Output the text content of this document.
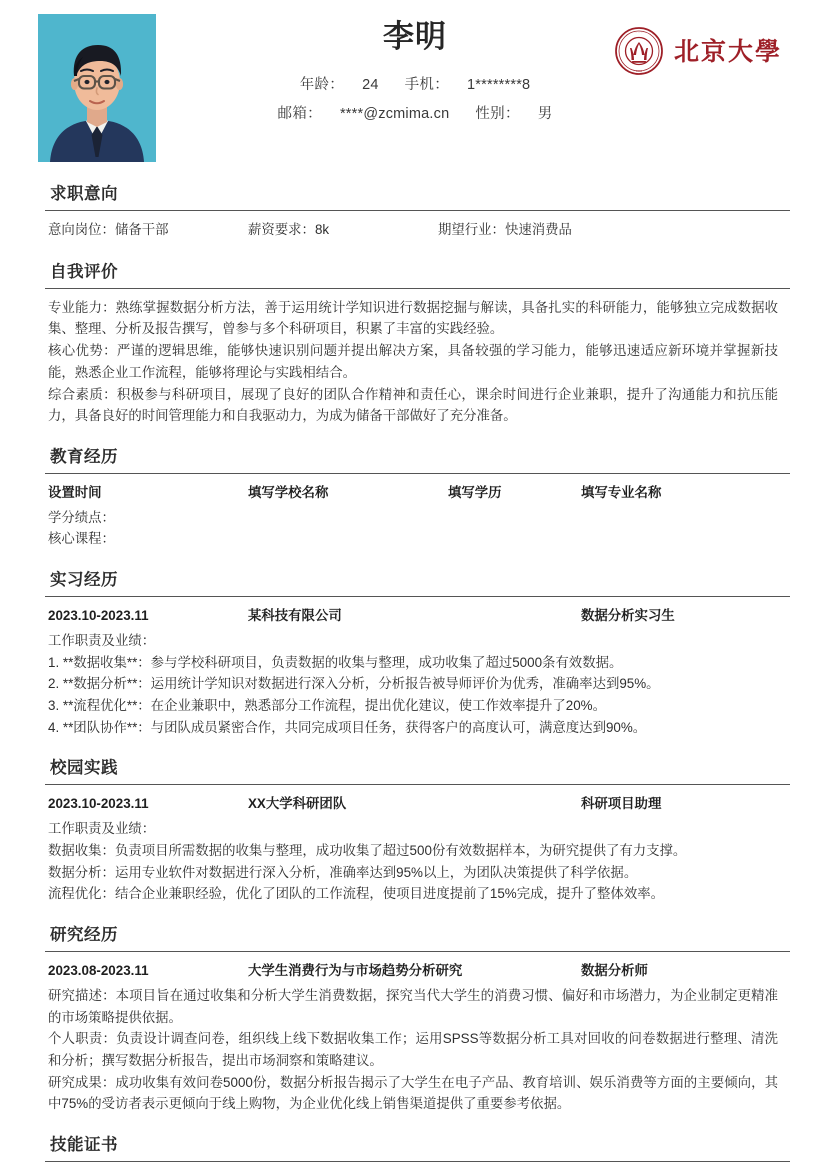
李明
年龄： 24 手机： 1********8
邮箱： ****@zcmima.cn 性别： 男
· · · · · ·
1898
北京大學
求职意向
意向岗位：储备干部	薪资要求：8k	期望行业：快速消费品
自我评价

专业能力：熟练掌握数据分析方法，善于运用统计学知识进行数据挖掘与解读，具备扎实的科研能力，能够独立完成数据收集、整理、分析及报告撰写，曾参与多个科研项目，积累了丰富的实践经验。

核心优势：严谨的逻辑思维，能够快速识别问题并提出解决方案，具备较强的学习能力，能够迅速适应新环境并掌握新技能，熟悉企业工作流程，能够将理论与实践相结合。

综合素质：积极参与科研项目，展现了良好的团队合作精神和责任心，课余时间进行企业兼职，提升了沟通能力和抗压能力，具备良好的时间管理能力和自我驱动力，为成为储备干部做好了充分准备。

教育经历
设置时间	填写学校名称	填写学历	填写专业名称

学分绩点：

核心课程：

实习经历
2023.10-2023.11	某科技有限公司	数据分析实习生

工作职责及业绩：

1. **数据收集**：参与学校科研项目，负责数据的收集与整理，成功收集了超过5000条有效数据。

2. **数据分析**：运用统计学知识对数据进行深入分析，分析报告被导师评价为优秀，准确率达到95%。

3. **流程优化**：在企业兼职中，熟悉部分工作流程，提出优化建议，使工作效率提升了20%。

4. **团队协作**：与团队成员紧密合作，共同完成项目任务，获得客户的高度认可，满意度达到90%。

校园实践
2023.10-2023.11	XX大学科研团队	科研项目助理

工作职责及业绩：

数据收集：负责项目所需数据的收集与整理，成功收集了超过500份有效数据样本，为研究提供了有力支撑。

数据分析：运用专业软件对数据进行深入分析，准确率达到95%以上，为团队决策提供了科学依据。

流程优化：结合企业兼职经验，优化了团队的工作流程，使项目进度提前了15%完成，提升了整体效率。

研究经历
2023.08-2023.11	大学生消费行为与市场趋势分析研究	数据分析师

研究描述：本项目旨在通过收集和分析大学生消费数据，探究当代大学生的消费习惯、偏好和市场潜力，为企业制定更精准的市场策略提供依据。

个人职责：负责设计调查问卷，组织线上线下数据收集工作；运用SPSS等数据分析工具对回收的问卷数据进行整理、清洗和分析；撰写数据分析报告，提出市场洞察和策略建议。

研究成果：成功收集有效问卷5000份，数据分析报告揭示了大学生在电子产品、教育培训、娱乐消费等方面的主要倾向，其中75%的受访者表示更倾向于线上购物，为企业优化线上销售渠道提供了重要参考依据。

技能证书
